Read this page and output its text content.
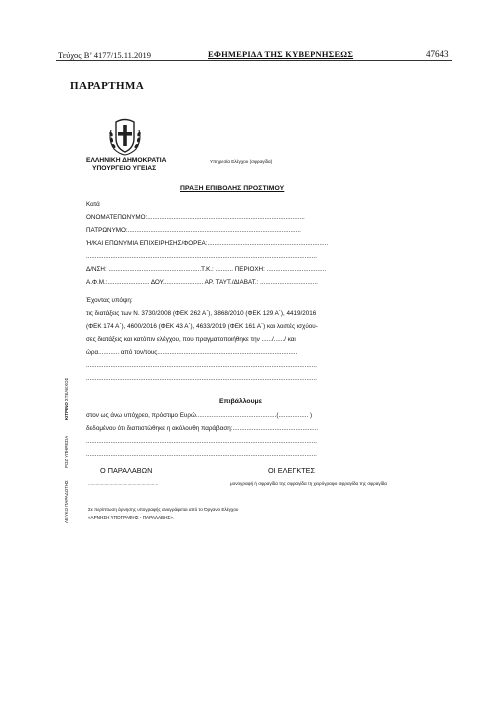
Τεύχος Β’ 4177/15.11.2019	ΕΦΗΜΕΡΙΔΑ ΤΗΣ ΚΥΒΕΡΝΗΣΕΩΣ	47643
ΠΑΡΑΡΤΗΜΑ
ΕΛΛΗΝΙΚΗ ΔΗΜΟΚΡΑΤΙΑ
ΥΠΟΥΡΓΕΙΟ ΥΓΕΙΑΣ
Υπηρεσία Ελέγχου (σφραγίδα)
ΠΡΑΞΗ ΕΠΙΒΟΛΗΣ ΠΡΟΣΤΙΜΟΥ
Κατά
ΟΝΟΜΑΤΕΠΩΝΥΜΟ:..........................................................................................
ΠΑΤΡΩΝΥΜΟ:...................................................................................................
Ή/ΚΑΙ ΕΠΩΝΥΜΙΑ ΕΠΙΧΕΙΡΗΣΗΣ/ΦΟΡΕΑ:.....................................................................
....................................................................................................................................
Δ/ΝΣΗ: .....................................................Τ.Κ.: .......... ΠΕΡΙΟΧΗ: ..................................
Α.Φ.Μ.:........................ ΔΟΥ....................... ΑΡ. ΤΑΥΤ./ΔΙΑΒΑΤ.: .................................
Έχοντας υπόψη:
τις διατάξεις των Ν. 3730/2008 (ΦΕΚ 262 Α΄), 3868/2010 (ΦΕΚ 129 Α΄), 4419/2016
(ΦΕΚ 174 Α΄), 4600/2016 (ΦΕΚ 43 Α΄), 4633/2019 (ΦΕΚ 161 Α΄) και λοιπές ισχύου-
σες διατάξεις και κατόπιν ελέγχου, που πραγματοποιήθηκε την ....../....../ και
ώρα............ από τον/τους................................................................................
....................................................................................................................................
....................................................................................................................................
Επιβάλλουμε
στον ως άνω υπόχρεο, πρόστιμο Ευρώ..............................................(................. )
δεδομένου ότι διαπιστώθηκε η ακόλουθη παράβαση:.................................................
....................................................................................................................................
....................................................................................................................................
Ο ΠΑΡΑΛΑΒΩΝ	ΟΙ ΕΛΕΓΚΤΕΣ
.......................................................	μονογραφή ή σφραγίδα της σφραγίδα τη χειρόγραφο σφραγίδα της σφραγίδα
Σε περίπτωση άρνησης υπογραφής αναγράφεται από το Όργανο Ελέγχου
«ΑΡΝΗΣΗ ΥΠΟΓΡΑΦΗΣ - ΠΑΡΑΛΑΒΗΣ».
ΛΕΥΚΟ ΠΑΡΑΔΟΤΗΣ
ΡΟΖ ΥΠΗΡΕΣΙΑ
ΚΙΤΡΙΝΟ ΣΤΕΛΕΧΟΣ
